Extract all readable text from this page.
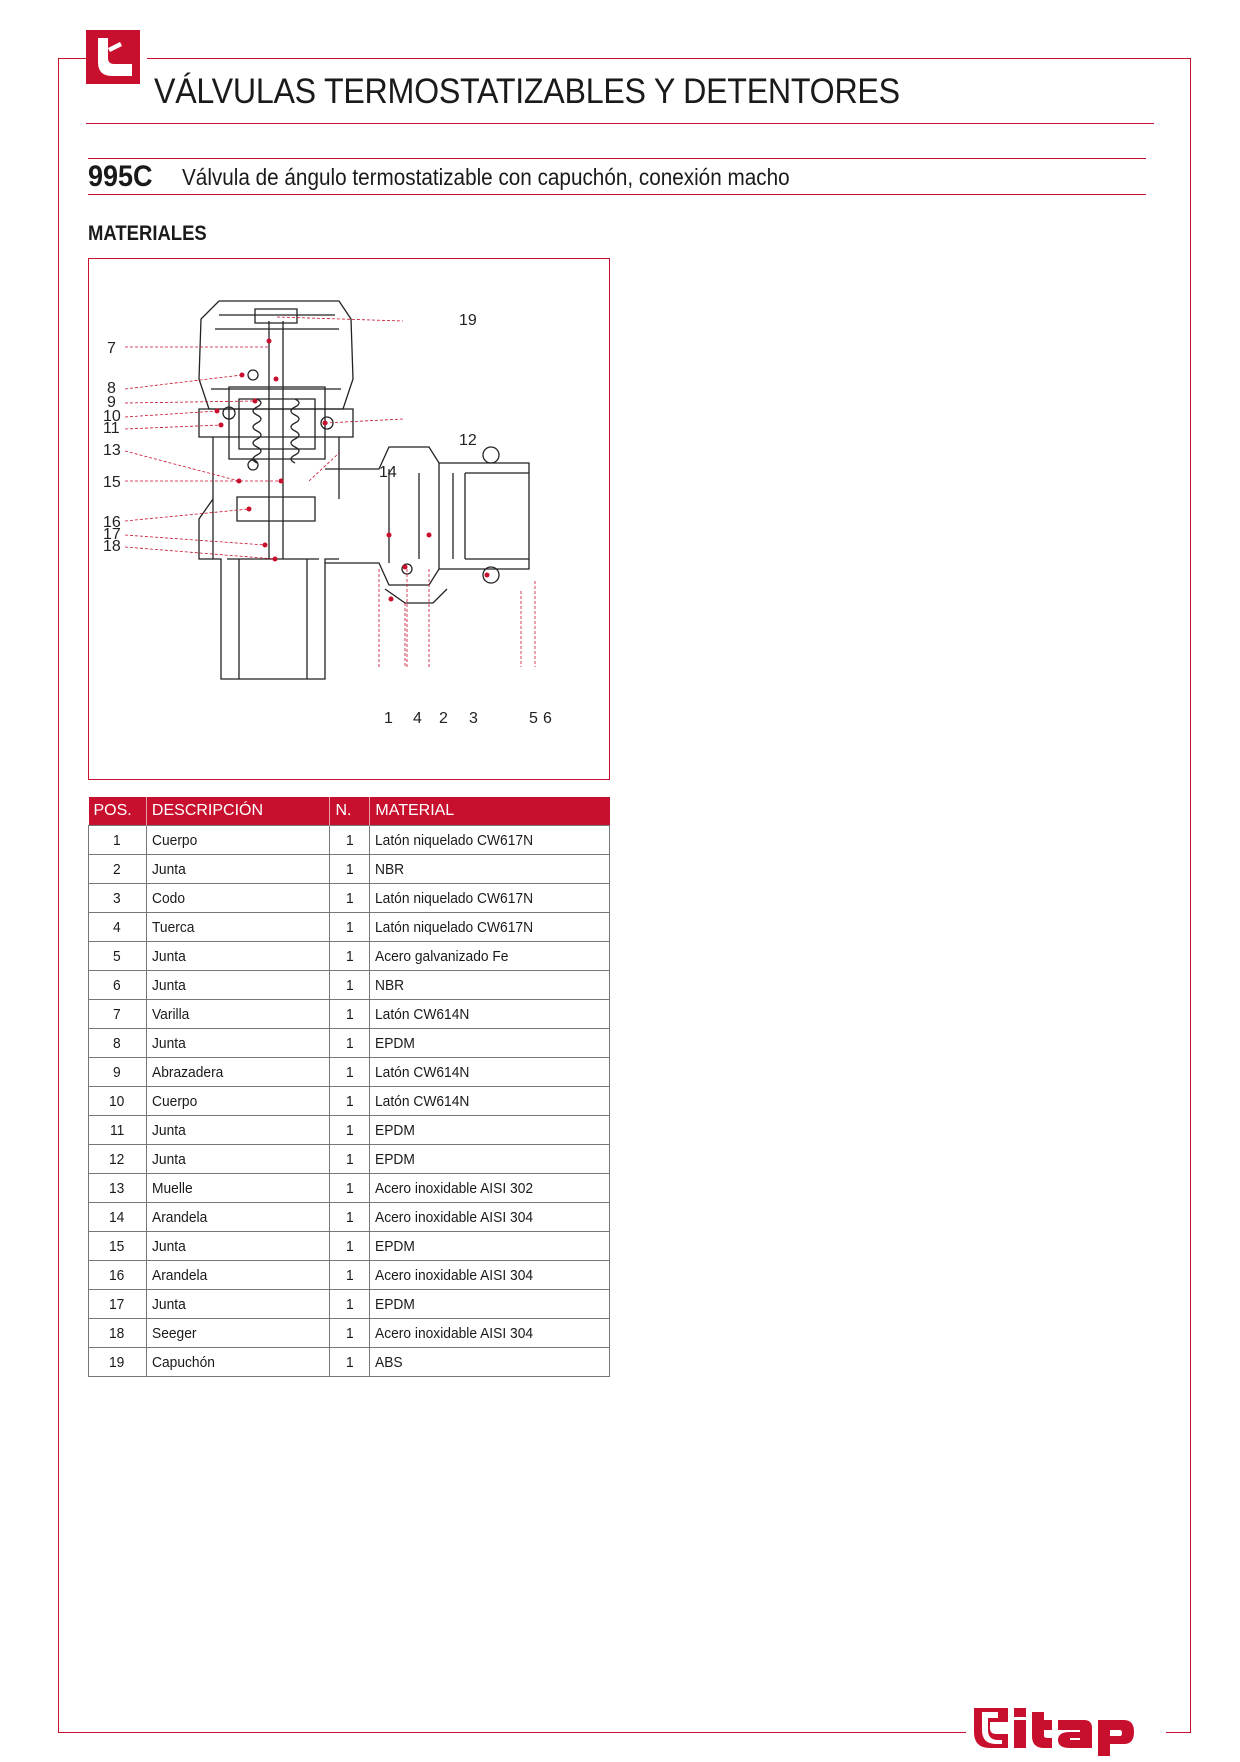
VÁLVULAS TERMOSTATIZABLES Y DETENTORES
995C Válvula de ángulo termostatizable con capuchón, conexión macho
MATERIALES
7
8
9
10
11
13
15
16
17
18
19
12
14
1 4 2 3	5 6
POS.	DESCRIPCIÓN	N.	MATERIAL
1	Cuerpo	1	Latón niquelado CW617N
2	Junta	1	NBR
3	Codo	1	Latón niquelado CW617N
4	Tuerca	1	Latón niquelado CW617N
5	Junta	1	Acero galvanizado Fe
6	Junta	1	NBR
7	Varilla	1	Latón CW614N
8	Junta	1	EPDM
9	Abrazadera	1	Latón CW614N
10	Cuerpo	1	Latón CW614N
11	Junta	1	EPDM
12	Junta	1	EPDM
13	Muelle	1	Acero inoxidable AISI 302
14	Arandela	1	Acero inoxidable AISI 304
15	Junta	1	EPDM
16	Arandela	1	Acero inoxidable AISI 304
17	Junta	1	EPDM
18	Seeger	1	Acero inoxidable AISI 304
19	Capuchón	1	ABS
